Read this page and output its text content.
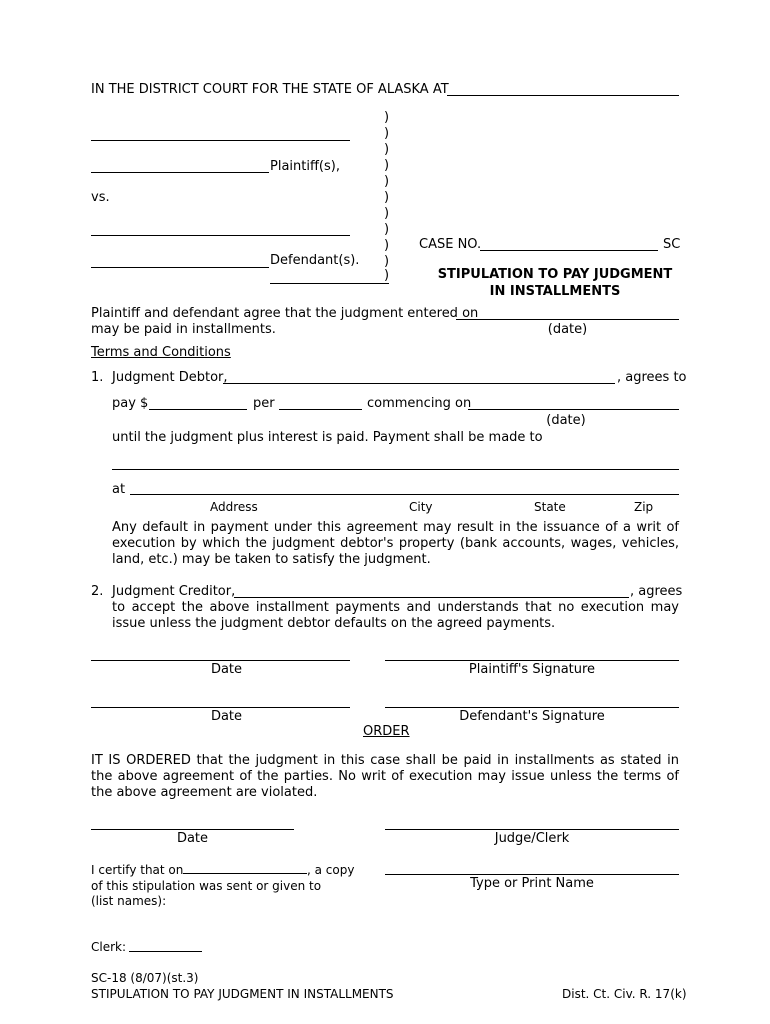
IN THE DISTRICT COURT FOR THE STATE OF ALASKA AT
Plaintiff(s),
vs.
Defendant(s).
)
)
)
)
)
)
)
)
)
)
)
CASE NO.	SC
STIPULATION TO PAY JUDGMENT
IN INSTALLMENTS
Plaintiff and defendant agree that the judgment entered on
may be paid in installments.	(date)
Terms and Conditions
1. Judgment Debtor,	, agrees to
pay $	per	commencing on
(date)
until the judgment plus interest is paid. Payment shall be made to
at
Address	City	State	Zip
Any default in payment under this agreement may result in the issuance of a writ of execution by which the judgment debtor's property (bank accounts, wages, vehicles, land, etc.) may be taken to satisfy the judgment.
2. Judgment Creditor,	, agrees
to accept the above installment payments and understands that no execution may issue unless the judgment debtor defaults on the agreed payments.
Date	Plaintiff's Signature
Date	Defendant's Signature
ORDER
IT IS ORDERED that the judgment in this case shall be paid in installments as stated in the above agreement of the parties. No writ of execution may issue unless the terms of the above agreement are violated.
Date	Judge/Clerk
I certify that on	, a copy
of this stipulation was sent or given to
(list names):
Type or Print Name
Clerk:
SC-18 (8/07)(st.3)
STIPULATION TO PAY JUDGMENT IN INSTALLMENTS	Dist. Ct. Civ. R. 17(k)
